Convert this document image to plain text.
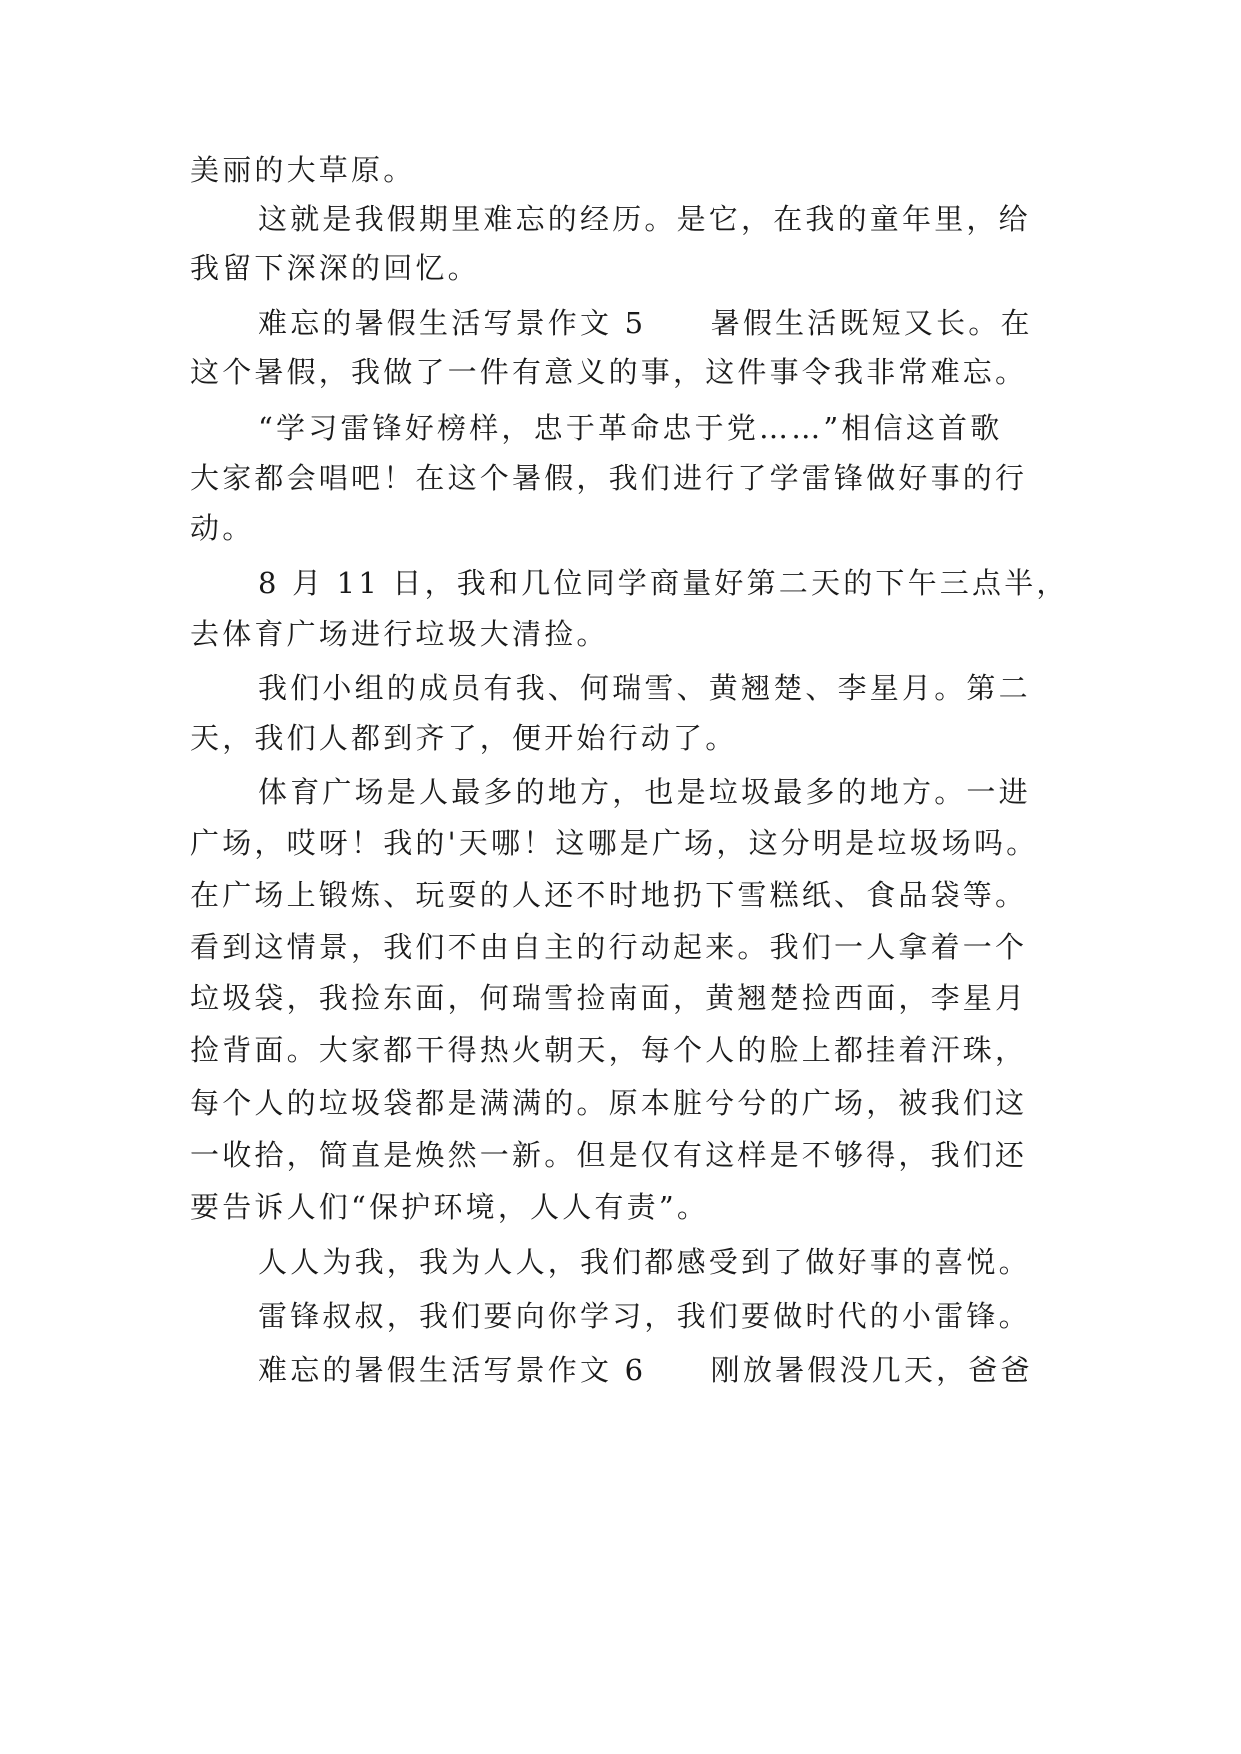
美丽的大草原。
这就是我假期里难忘的经历。是它，在我的童年里，给
我留下深深的回忆。
难忘的暑假生活写景作文 5　　暑假生活既短又长。在
这个暑假，我做了一件有意义的事，这件事令我非常难忘。
“学习雷锋好榜样，忠于革命忠于党……”相信这首歌
大家都会唱吧！在这个暑假，我们进行了学雷锋做好事的行
动。
8 月 11 日，我和几位同学商量好第二天的下午三点半，
去体育广场进行垃圾大清捡。
我们小组的成员有我、何瑞雪、黄翘楚、李星月。第二
天，我们人都到齐了，便开始行动了。
体育广场是人最多的地方，也是垃圾最多的地方。一进
广场，哎呀！我的'天哪！这哪是广场，这分明是垃圾场吗。
在广场上锻炼、玩耍的人还不时地扔下雪糕纸、食品袋等。
看到这情景，我们不由自主的行动起来。我们一人拿着一个
垃圾袋，我捡东面，何瑞雪捡南面，黄翘楚捡西面，李星月
捡背面。大家都干得热火朝天，每个人的脸上都挂着汗珠，
每个人的垃圾袋都是满满的。原本脏兮兮的广场，被我们这
一收拾，简直是焕然一新。但是仅有这样是不够得，我们还
要告诉人们“保护环境，人人有责”。
人人为我，我为人人，我们都感受到了做好事的喜悦。
雷锋叔叔，我们要向你学习，我们要做时代的小雷锋。
难忘的暑假生活写景作文 6　　刚放暑假没几天，爸爸
